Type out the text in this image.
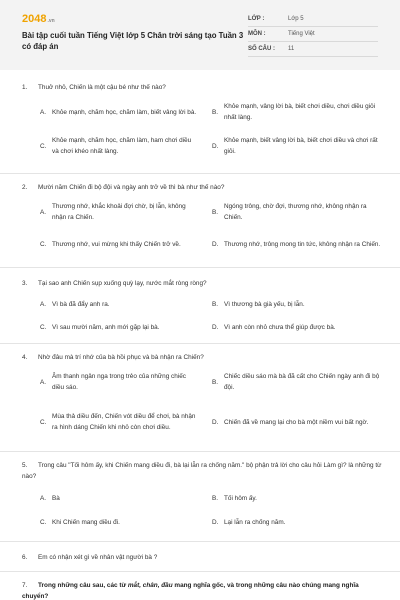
2048.vn
Bài tập cuối tuần Tiếng Việt lớp 5 Chân trời sáng tạo Tuần 3 có đáp án
LỚP :	Lớp 5
MÔN :	Tiếng Việt
SỐ CÂU :	11
1. Thuở nhỏ, Chiến là một cậu bé như thế nào?
A. Khỏe mạnh, chăm học, chăm làm, biết vâng lời bà. B.
Khỏe mạnh, vâng lời bà, biết chơi diều, chơi diều giỏi nhất làng.
C.
Khỏe mạnh, chăm học, chăm làm, ham chơi diều và chơi khéo nhất làng.
D.
Khỏe mạnh, biết vâng lời bà, biết chơi diều và chơi rất giỏi.
2. Mười năm Chiến đi bộ đội và ngày anh trở về thì bà như thế nào?
A.
Thương nhớ, khắc khoải đợi chờ, bị lẫn, không nhận ra Chiến.
B.
Ngóng trông, chờ đợi, thương nhớ, không nhận ra Chiến.
C. Thương nhớ, vui mừng khi thấy Chiến trở về.	D. Thương nhớ, trông mong tin tức, không nhận ra Chiến.
3. Tại sao anh Chiến sụp xuống quỳ lạy, nước mắt ròng ròng?
A. Vì bà đã đẩy anh ra.	B. Vì thương bà già yếu, bị lẫn.
C. Vì sau mười năm, anh mới gặp lại bà.	D. Vì anh còn nhỏ chưa thể giúp được bà.
4. Nhờ đâu mà trí nhớ của bà hồi phục và bà nhận ra Chiến?
A.
Âm thanh ngân nga trong trẻo của những chiếc diều sáo.
B.
Chiếc diều sáo mà bà đã cất cho Chiến ngày anh đi bộ đội.
C.
Mùa thả diều đến, Chiến vót diều để chơi, bà nhận ra hình dáng Chiến khi nhỏ còn chơi diều.
D. Chiến đã về mang lại cho bà một niềm vui bất ngờ.
5. Trong câu "Tối hôm ấy, khi Chiến mang diều đi, bà lại lẫn ra chống năm." bộ phận trả lời cho câu hỏi Làm gì? là những từ nào?
A. Bà	B. Tối hôm ấy.
C. Khi Chiến mang diều đi.	D. Lại lẫn ra chống năm.
6. Em có nhận xét gì về nhân vật người bà ?
7. Trong những câu sau, các từ mắt, chân, đầu mang nghĩa gốc, và trong những câu nào chúng mang nghĩa chuyển?
